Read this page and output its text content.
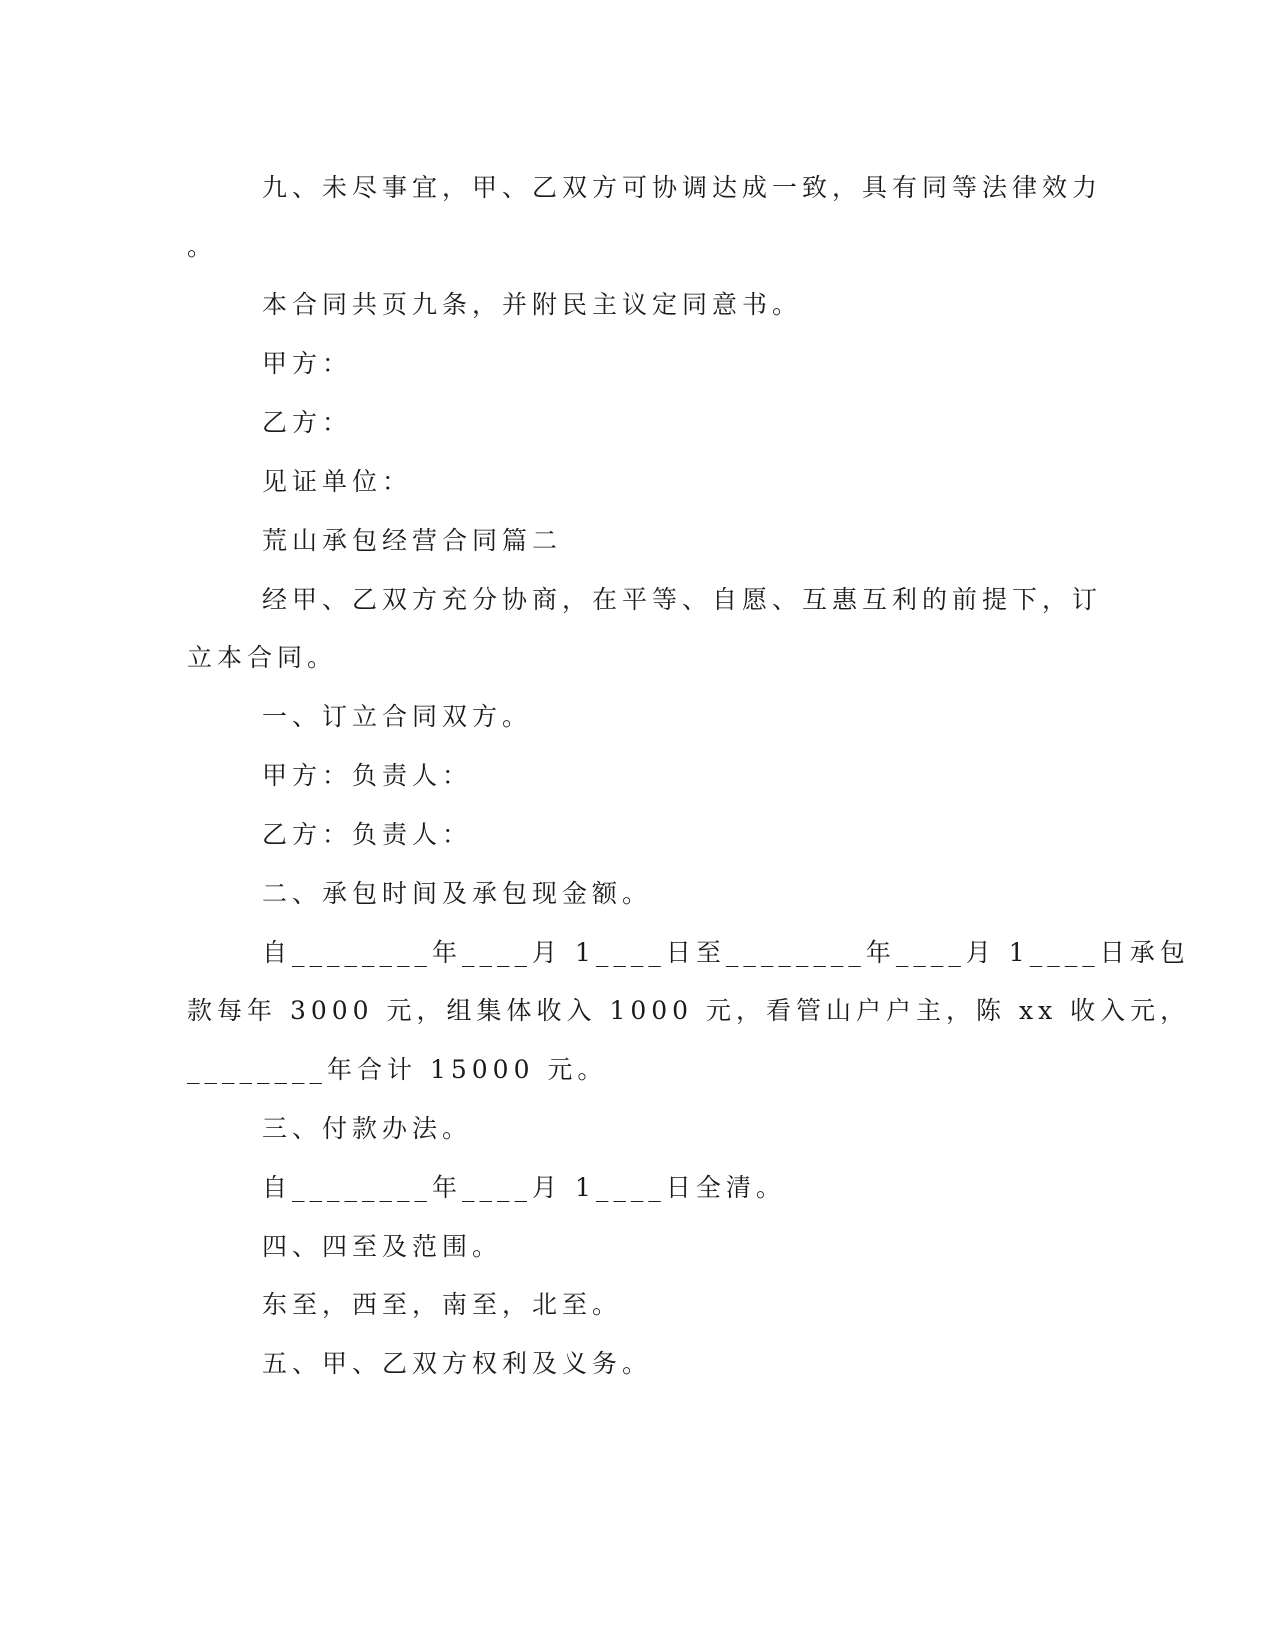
九、未尽事宜，甲、乙双方可协调达成一致，具有同等法律效力
。
本合同共页九条，并附民主议定同意书。
甲方：
乙方：
见证单位：
荒山承包经营合同篇二
经甲、乙双方充分协商，在平等、自愿、互惠互利的前提下，订
立本合同。
一、订立合同双方。
甲方：负责人：
乙方：负责人：
二、承包时间及承包现金额。
自________年____月 1____日至________年____月 1____日承包
款每年 3000 元，组集体收入 1000 元，看管山户户主，陈 xx 收入元，
________年合计 15000 元。
三、付款办法。
自________年____月 1____日全清。
四、四至及范围。
东至，西至，南至，北至。
五、甲、乙双方权利及义务。
